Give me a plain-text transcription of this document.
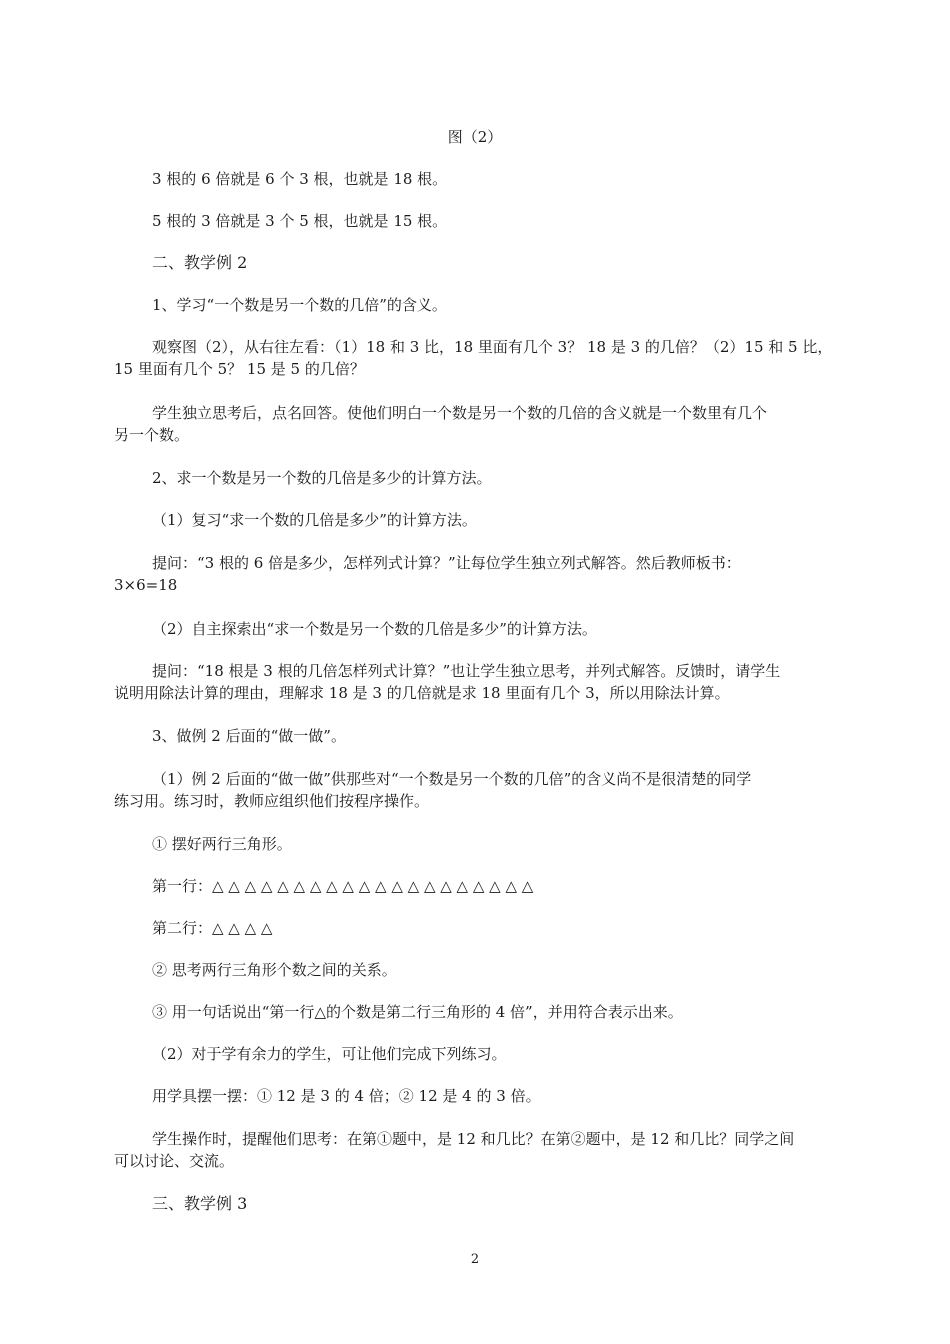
图（2）
3 根的 6 倍就是 6 个 3 根，也就是 18 根。
5 根的 3 倍就是 3 个 5 根，也就是 15 根。
二、教学例 2
1、学习“一个数是另一个数的几倍”的含义。
观察图（2），从右往左看：（1）18 和 3 比，18 里面有几个 3？ 18 是 3 的几倍？（2）15 和 5 比，
15 里面有几个 5？ 15 是 5 的几倍？
学生独立思考后，点名回答。使他们明白一个数是另一个数的几倍的含义就是一个数里有几个
另一个数。
2、求一个数是另一个数的几倍是多少的计算方法。
（1）复习“求一个数的几倍是多少”的计算方法。
提问：“3 根的 6 倍是多少，怎样列式计算？”让每位学生独立列式解答。然后教师板书：
3×6=18
（2）自主探索出“求一个数是另一个数的几倍是多少”的计算方法。
提问：“18 根是 3 根的几倍怎样列式计算？”也让学生独立思考，并列式解答。反馈时，请学生
说明用除法计算的理由，理解求 18 是 3 的几倍就是求 18 里面有几个 3，所以用除法计算。
3、做例 2 后面的“做一做”。
（1）例 2 后面的“做一做”供那些对“一个数是另一个数的几倍”的含义尚不是很清楚的同学
练习用。练习时，教师应组织他们按程序操作。
① 摆好两行三角形。
第一行：△ △ △ △ △ △ △ △ △ △ △ △ △ △ △ △ △ △ △ △
第二行：△ △ △ △
② 思考两行三角形个数之间的关系。
③ 用一句话说出“第一行△的个数是第二行三角形的 4 倍”，并用符合表示出来。
（2）对于学有余力的学生，可让他们完成下列练习。
用学具摆一摆：① 12 是 3 的 4 倍；② 12 是 4 的 3 倍。
学生操作时，提醒他们思考：在第①题中，是 12 和几比？在第②题中，是 12 和几比？同学之间
可以讨论、交流。
三、教学例 3
2
